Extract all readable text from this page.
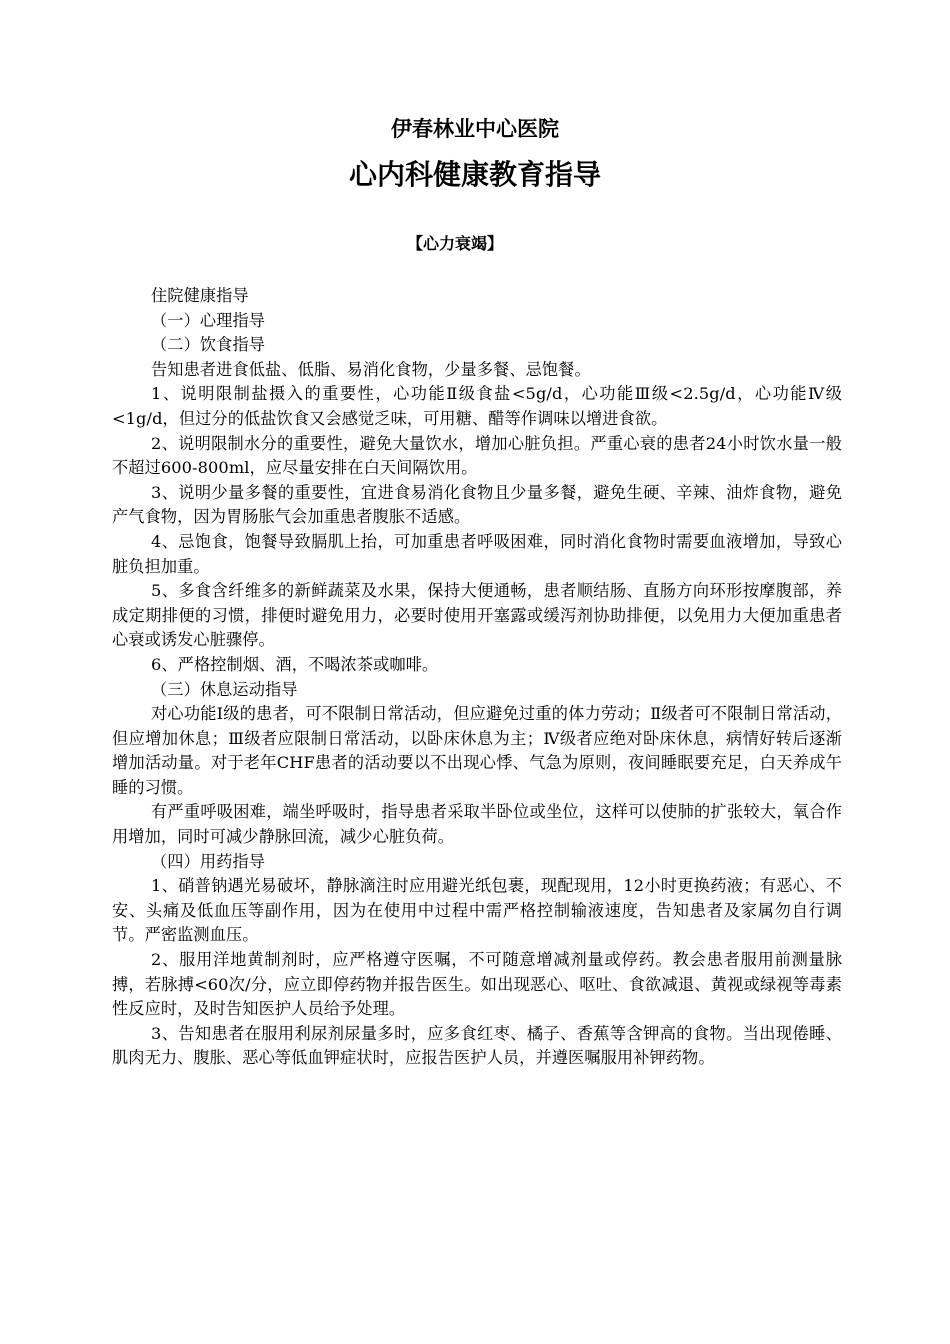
伊春林业中心医院
心内科健康教育指导
【心力衰竭】

住院健康指导

（一）心理指导

（二）饮食指导

告知患者进食低盐、低脂、易消化食物，少量多餐、忌饱餐。

1、说明限制盐摄入的重要性，心功能Ⅱ级食盐<5g/d，心功能Ⅲ级<2.5g/d，心功能Ⅳ级<1g/d，但过分的低盐饮食又会感觉乏味，可用糖、醋等作调味以增进食欲。

2、说明限制水分的重要性，避免大量饮水，增加心脏负担。严重心衰的患者24小时饮水量一般不超过600-800ml，应尽量安排在白天间隔饮用。

3、说明少量多餐的重要性，宜进食易消化食物且少量多餐，避免生硬、辛辣、油炸食物，避免产气食物，因为胃肠胀气会加重患者腹胀不适感。

4、忌饱食，饱餐导致膈肌上抬，可加重患者呼吸困难，同时消化食物时需要血液增加，导致心脏负担加重。

5、多食含纤维多的新鲜蔬菜及水果，保持大便通畅，患者顺结肠、直肠方向环形按摩腹部，养成定期排便的习惯，排便时避免用力，必要时使用开塞露或缓泻剂协助排便，以免用力大便加重患者心衰或诱发心脏骤停。

6、严格控制烟、酒，不喝浓茶或咖啡。

（三）休息运动指导

对心功能Ⅰ级的患者，可不限制日常活动，但应避免过重的体力劳动；Ⅱ级者可不限制日常活动，但应增加休息；Ⅲ级者应限制日常活动，以卧床休息为主；Ⅳ级者应绝对卧床休息，病情好转后逐渐增加活动量。对于老年CHF患者的活动要以不出现心悸、气急为原则，夜间睡眠要充足，白天养成午睡的习惯。

有严重呼吸困难，端坐呼吸时，指导患者采取半卧位或坐位，这样可以使肺的扩张较大，氧合作用增加，同时可减少静脉回流，减少心脏负荷。

（四）用药指导

1、硝普钠遇光易破坏，静脉滴注时应用避光纸包裹，现配现用，12小时更换药液；有恶心、不安、头痛及低血压等副作用，因为在使用中过程中需严格控制输液速度，告知患者及家属勿自行调节。严密监测血压。

2、服用洋地黄制剂时，应严格遵守医嘱，不可随意增减剂量或停药。教会患者服用前测量脉搏，若脉搏<60次/分，应立即停药物并报告医生。如出现恶心、呕吐、食欲减退、黄视或绿视等毒素性反应时，及时告知医护人员给予处理。

3、告知患者在服用利尿剂尿量多时，应多食红枣、橘子、香蕉等含钾高的食物。当出现倦睡、肌肉无力、腹胀、恶心等低血钾症状时，应报告医护人员，并遵医嘱服用补钾药物。
